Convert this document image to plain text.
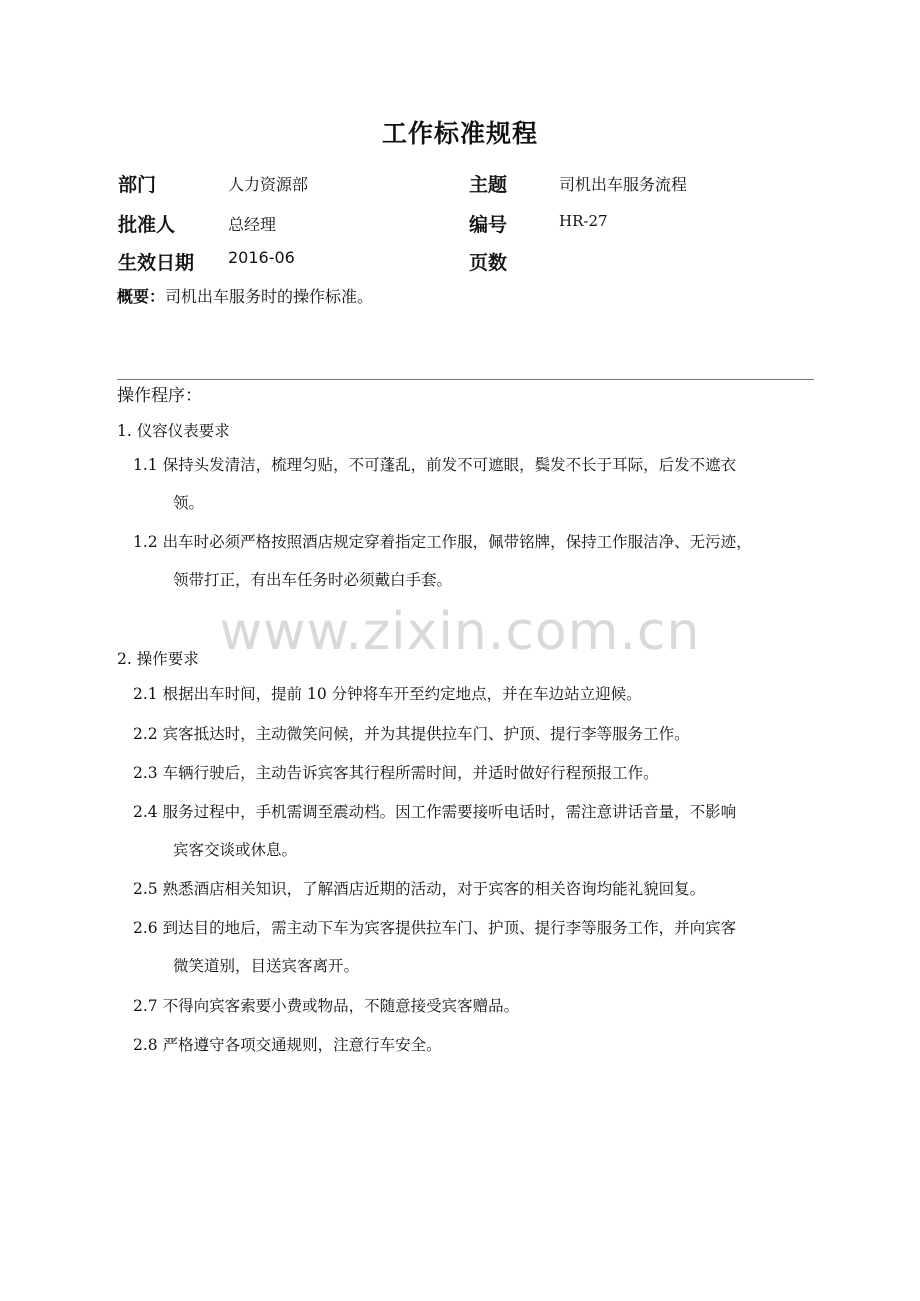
工作标准规程
部门	人力资源部	主题	司机出车服务流程
批准人	总经理	编号	HR-27
生效日期 2016-06	页数
概要：司机出车服务时的操作标准。
操作程序：
1. 仪容仪表要求
1.1 保持头发清洁，梳理匀贴，不可蓬乱，前发不可遮眼，鬓发不长于耳际，后发不遮衣
领。
1.2 出车时必须严格按照酒店规定穿着指定工作服，佩带铭牌，保持工作服洁净、无污迹，
领带打正，有出车任务时必须戴白手套。
www.zixin.com.cn
2. 操作要求
2.1 根据出车时间，提前 10 分钟将车开至约定地点，并在车边站立迎候。
2.2 宾客抵达时，主动微笑问候，并为其提供拉车门、护顶、提行李等服务工作。
2.3 车辆行驶后，主动告诉宾客其行程所需时间，并适时做好行程预报工作。
2.4 服务过程中，手机需调至震动档。因工作需要接听电话时，需注意讲话音量，不影响
宾客交谈或休息。
2.5 熟悉酒店相关知识，了解酒店近期的活动，对于宾客的相关咨询均能礼貌回复。
2.6 到达目的地后，需主动下车为宾客提供拉车门、护顶、提行李等服务工作，并向宾客
微笑道别，目送宾客离开。
2.7 不得向宾客索要小费或物品，不随意接受宾客赠品。
2.8 严格遵守各项交通规则，注意行车安全。
